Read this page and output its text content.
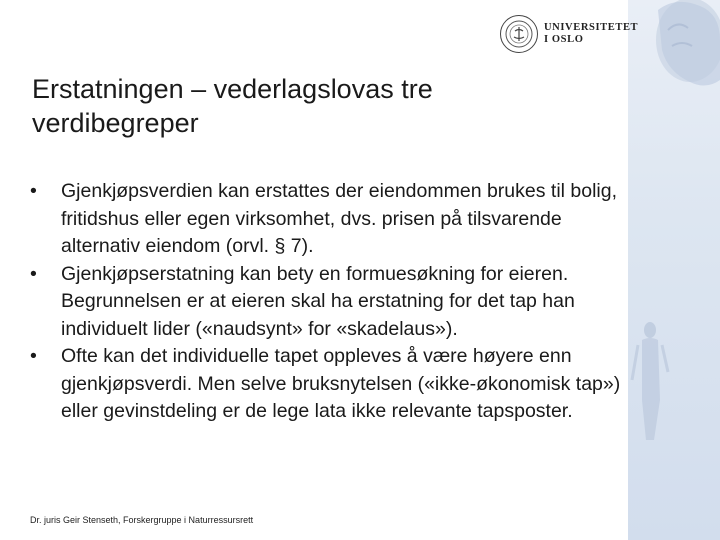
UNIVERSITETET
I OSLO
Erstatningen – vederlagslovas tre verdibegreper
•	Gjenkjøpsverdien kan erstattes der eiendommen brukes til bolig, fritidshus eller egen virksomhet, dvs. prisen på tilsvarende alternativ eiendom (orvl. § 7).
•	Gjenkjøpserstatning kan bety en formuesøkning for eieren. Begrunnelsen er at eieren skal ha erstatning for det tap han individuelt lider («naudsynt» for «skadelaus»).
•	Ofte kan det individuelle tapet oppleves å være høyere enn gjenkjøpsverdi. Men selve bruksnytelsen («ikke-økonomisk tap») eller gevinstdeling er de lege lata ikke relevante tapsposter.
Dr. juris Geir Stenseth, Forskergruppe i Naturressursrett
